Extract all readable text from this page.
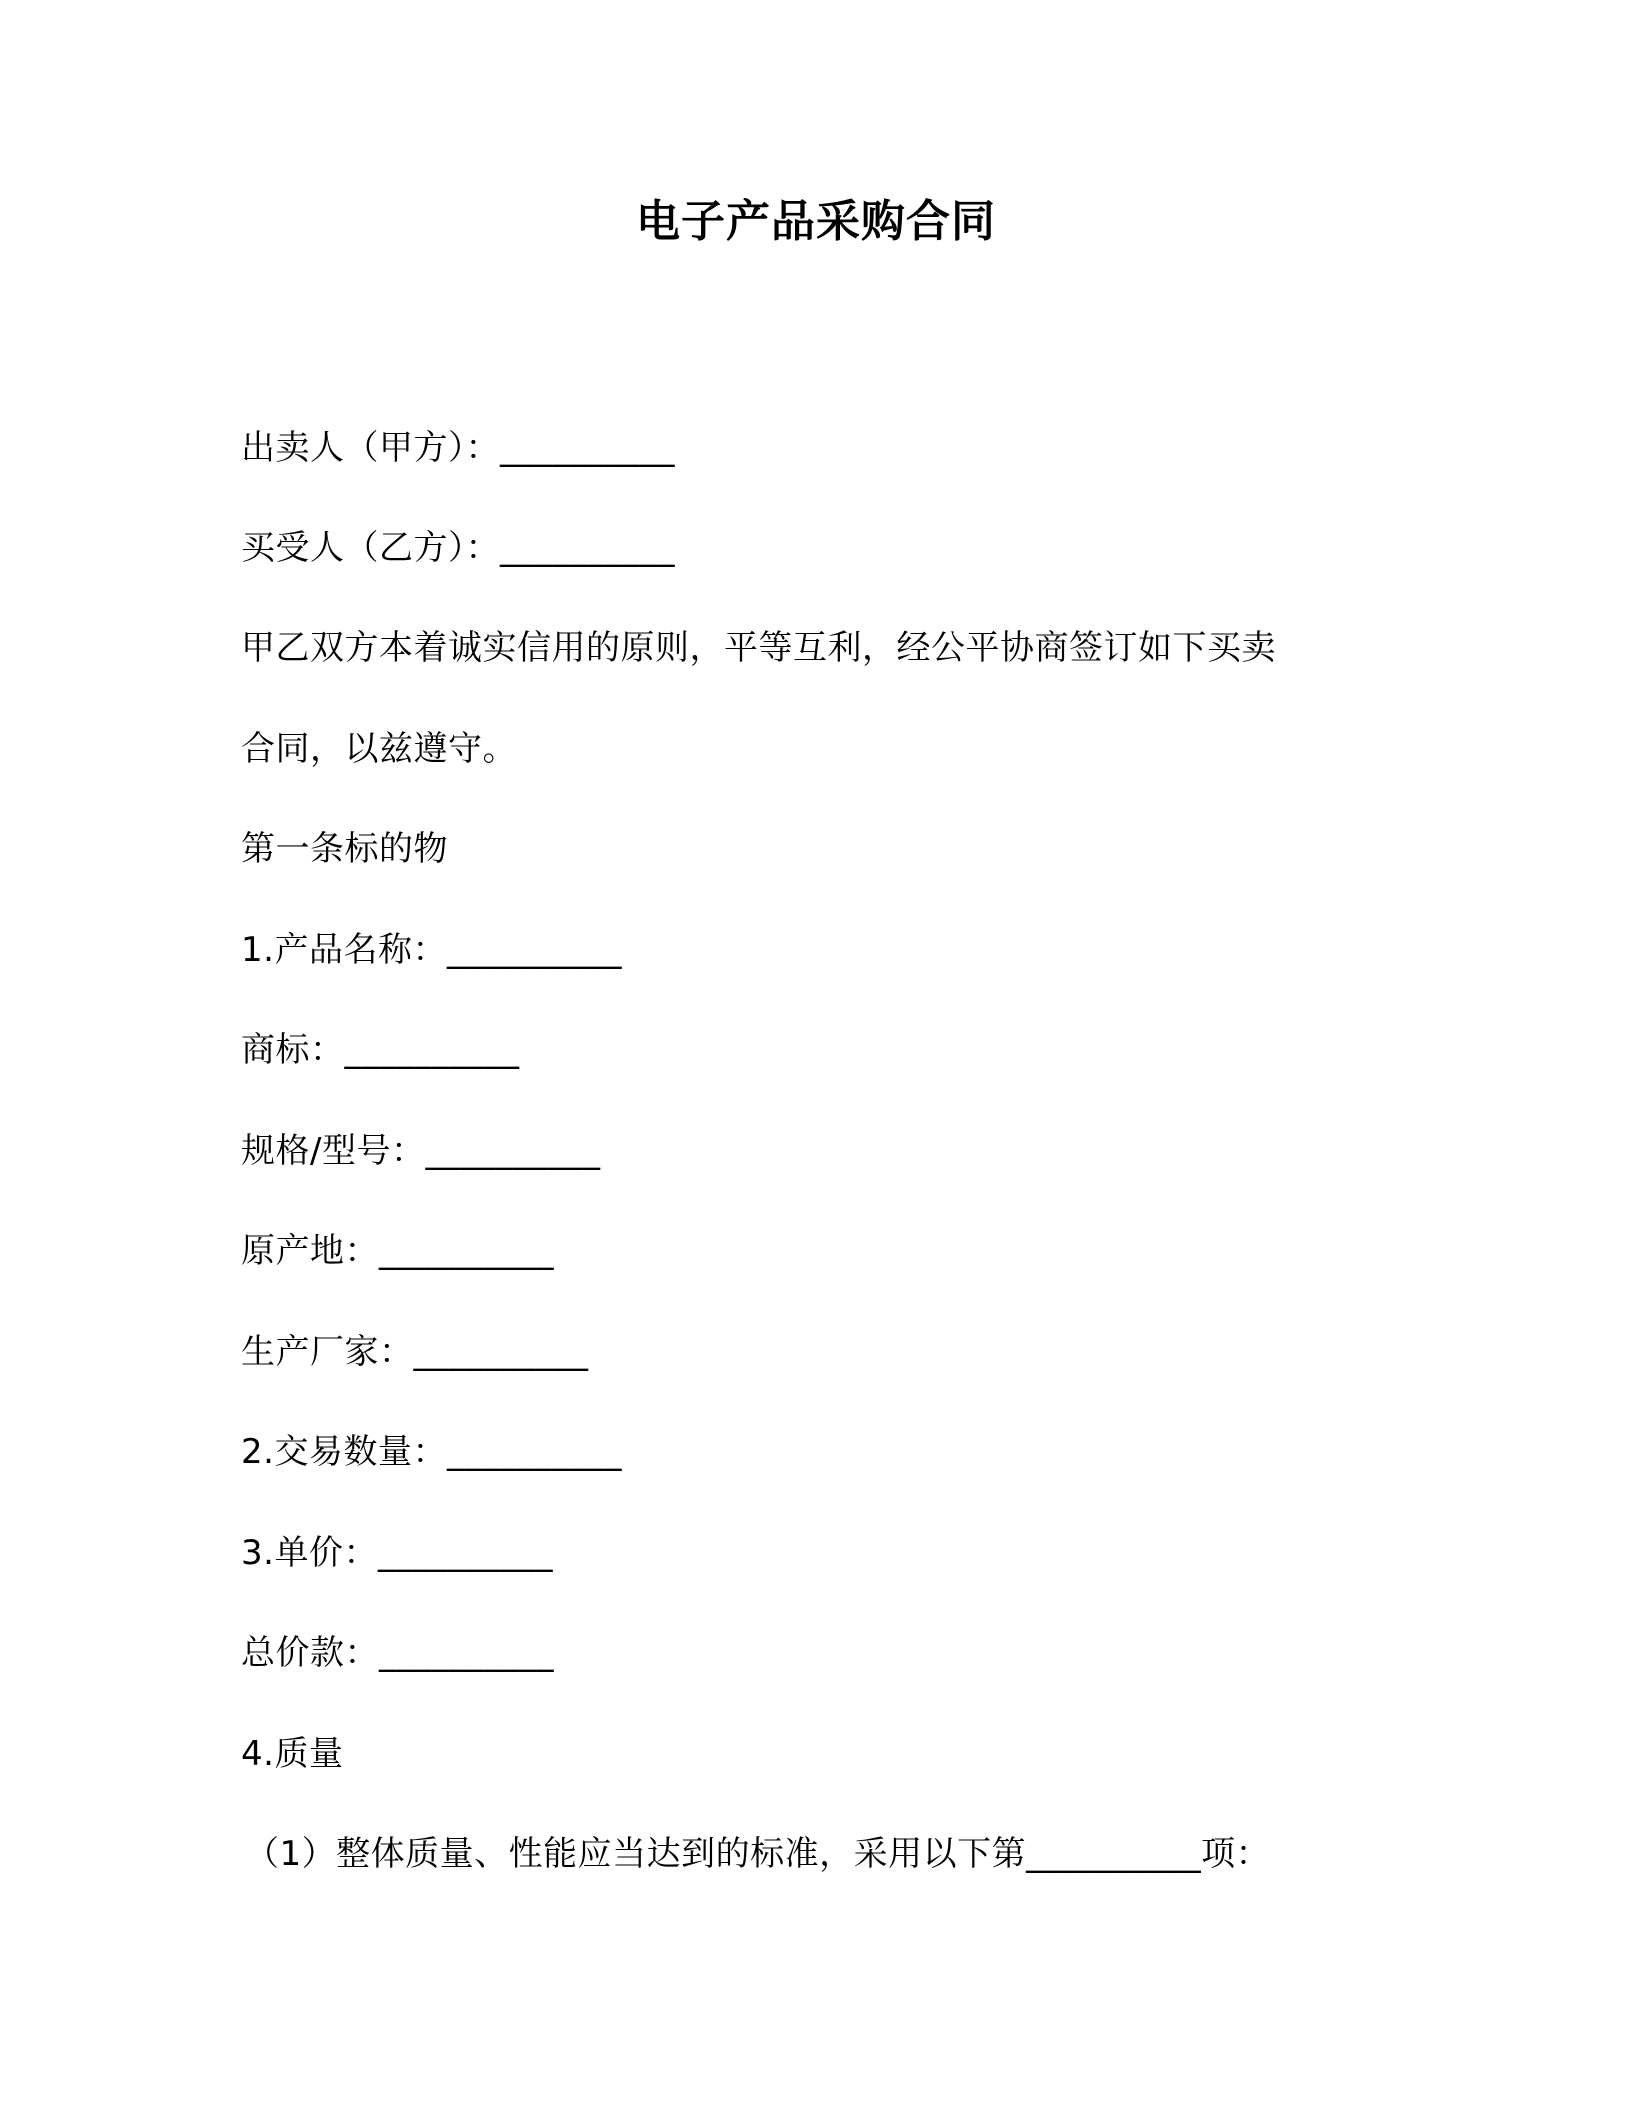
电子产品采购合同
出卖人（甲方）：__________
买受人（乙方）：__________
甲乙双方本着诚实信用的原则，平等互利，经公平协商签订如下买卖
合同，以兹遵守。
第一条标的物
1.产品名称：__________
商标：__________
规格/型号：__________
原产地：__________
生产厂家：__________
2.交易数量：__________
3.单价：__________
总价款：__________
4.质量
（1）整体质量、性能应当达到的标准，采用以下第__________项：
